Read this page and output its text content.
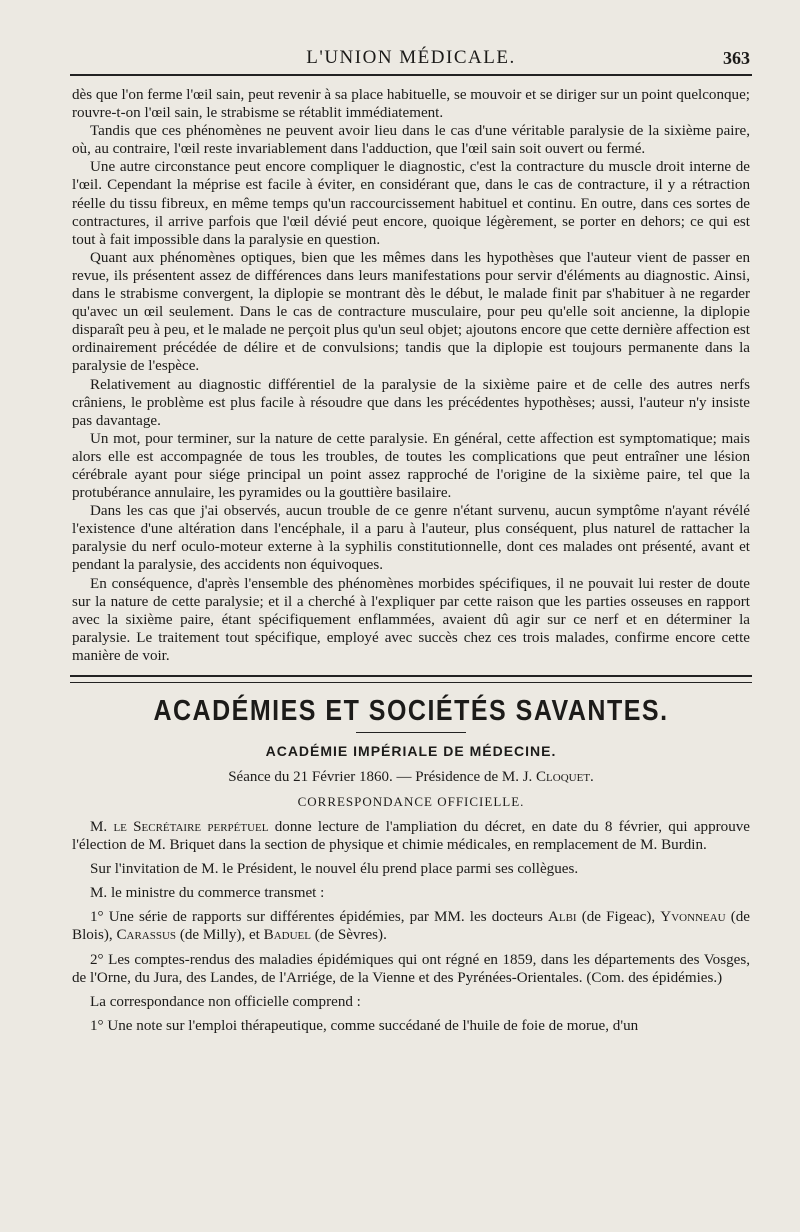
L'UNION MÉDICALE.	363

dès que l'on ferme l'œil sain, peut revenir à sa place habituelle, se mouvoir et se diriger sur un point quelconque; rouvre-t-on l'œil sain, le strabisme se rétablit immédiatement.

Tandis que ces phénomènes ne peuvent avoir lieu dans le cas d'une véritable paralysie de la sixième paire, où, au contraire, l'œil reste invariablement dans l'adduction, que l'œil sain soit ouvert ou fermé.

Une autre circonstance peut encore compliquer le diagnostic, c'est la contracture du muscle droit interne de l'œil. Cependant la méprise est facile à éviter, en considérant que, dans le cas de contracture, il y a rétraction réelle du tissu fibreux, en même temps qu'un raccourcissement habituel et continu. En outre, dans ces sortes de contractures, il arrive parfois que l'œil dévié peut encore, quoique légèrement, se porter en dehors; ce qui est tout à fait impossible dans la paralysie en question.

Quant aux phénomènes optiques, bien que les mêmes dans les hypothèses que l'auteur vient de passer en revue, ils présentent assez de différences dans leurs manifestations pour servir d'éléments au diagnostic. Ainsi, dans le strabisme convergent, la diplopie se montrant dès le début, le malade finit par s'habituer à ne regarder qu'avec un œil seulement. Dans le cas de contracture musculaire, pour peu qu'elle soit ancienne, la diplopie disparaît peu à peu, et le malade ne perçoit plus qu'un seul objet; ajoutons encore que cette dernière affection est ordinairement précédée de délire et de convulsions; tandis que la diplopie est toujours permanente dans la paralysie de l'espèce.

Relativement au diagnostic différentiel de la paralysie de la sixième paire et de celle des autres nerfs crâniens, le problème est plus facile à résoudre que dans les précédentes hypothèses; aussi, l'auteur n'y insiste pas davantage.

Un mot, pour terminer, sur la nature de cette paralysie. En général, cette affection est symptomatique; mais alors elle est accompagnée de tous les troubles, de toutes les complications que peut entraîner une lésion cérébrale ayant pour siége principal un point assez rapproché de l'origine de la sixième paire, tel que la protubérance annulaire, les pyramides ou la gouttière basilaire.

Dans les cas que j'ai observés, aucun trouble de ce genre n'étant survenu, aucun symptôme n'ayant révélé l'existence d'une altération dans l'encéphale, il a paru à l'auteur, plus conséquent, plus naturel de rattacher la paralysie du nerf oculo-moteur externe à la syphilis constitutionnelle, dont ces malades ont présenté, avant et pendant la paralysie, des accidents non équivoques.

En conséquence, d'après l'ensemble des phénomènes morbides spécifiques, il ne pouvait lui rester de doute sur la nature de cette paralysie; et il a cherché à l'expliquer par cette raison que les parties osseuses en rapport avec la sixième paire, étant spécifiquement enflammées, avaient dû agir sur ce nerf et en déterminer la paralysie. Le traitement tout spécifique, employé avec succès chez ces trois malades, confirme encore cette manière de voir.

ACADÉMIES ET SOCIÉTÉS SAVANTES.
ACADÉMIE IMPÉRIALE DE MÉDECINE.
Séance du 21 Février 1860. — Présidence de M. J. Cloquet.
CORRESPONDANCE OFFICIELLE.

M. le Secrétaire perpétuel donne lecture de l'ampliation du décret, en date du 8 février, qui approuve l'élection de M. Briquet dans la section de physique et chimie médicales, en remplacement de M. Burdin.

Sur l'invitation de M. le Président, le nouvel élu prend place parmi ses collègues.

M. le ministre du commerce transmet :

1° Une série de rapports sur différentes épidémies, par MM. les docteurs Albi (de Figeac), Yvonneau (de Blois), Carassus (de Milly), et Baduel (de Sèvres).

2° Les comptes-rendus des maladies épidémiques qui ont régné en 1859, dans les départements des Vosges, de l'Orne, du Jura, des Landes, de l'Arriége, de la Vienne et des Pyrénées-Orientales. (Com. des épidémies.)

La correspondance non officielle comprend :

1° Une note sur l'emploi thérapeutique, comme succédané de l'huile de foie de morue, d'un
